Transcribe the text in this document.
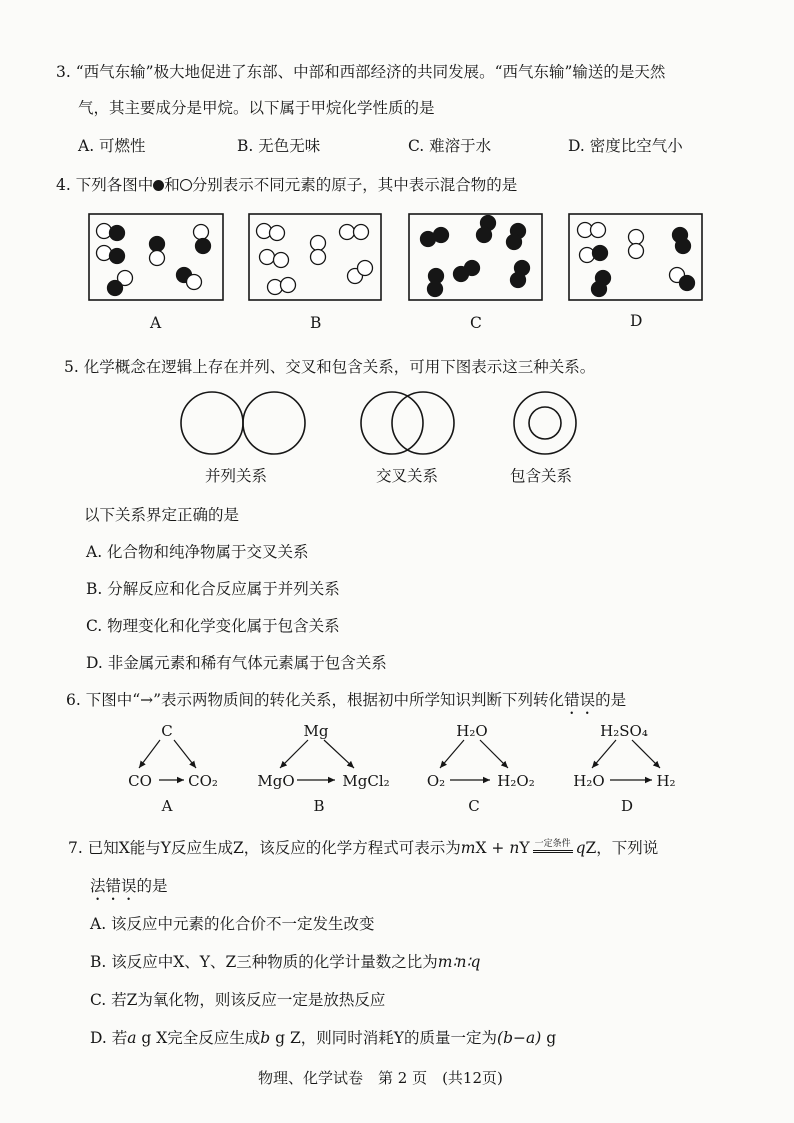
3. “西气东输”极大地促进了东部、中部和西部经济的共同发展。“西气东输”输送的是天然
气，其主要成分是甲烷。以下属于甲烷化学性质的是
A. 可燃性	B. 无色无味	C. 难溶于水	D. 密度比空气小
4. 下列各图中 和 分别表示不同元素的原子，其中表示混合物的是
A	B	C	D
5. 化学概念在逻辑上存在并列、交叉和包含关系，可用下图表示这三种关系。
并列关系	交叉关系	包含关系
以下关系界定正确的是
A. 化合物和纯净物属于交叉关系
B. 分解反应和化合反应属于并列关系
C. 物理变化和化学变化属于包含关系
D. 非金属元素和稀有气体元素属于包含关系
6. 下图中“→”表示两物质间的转化关系，根据初中所学知识判断下列转化错误的是
C
CO CO₂
A
Mg
MgO	MgCl₂
B
H₂O
O₂	H₂O₂
C
H₂SO₄
H₂O	H₂
D
7. 已知X能与Y反应生成Z，该反应的化学方程式可表示为mX + nY 一定条件 qZ，下列说
法错误的是
A. 该反应中元素的化合价不一定发生改变
B. 该反应中X、Y、Z三种物质的化学计量数之比为m∶n∶q
C. 若Z为氧化物，则该反应一定是放热反应
D. 若a g X完全反应生成b g Z，则同时消耗Y的质量一定为(b−a) g
物理、化学试卷　第 2 页　(共12页)
